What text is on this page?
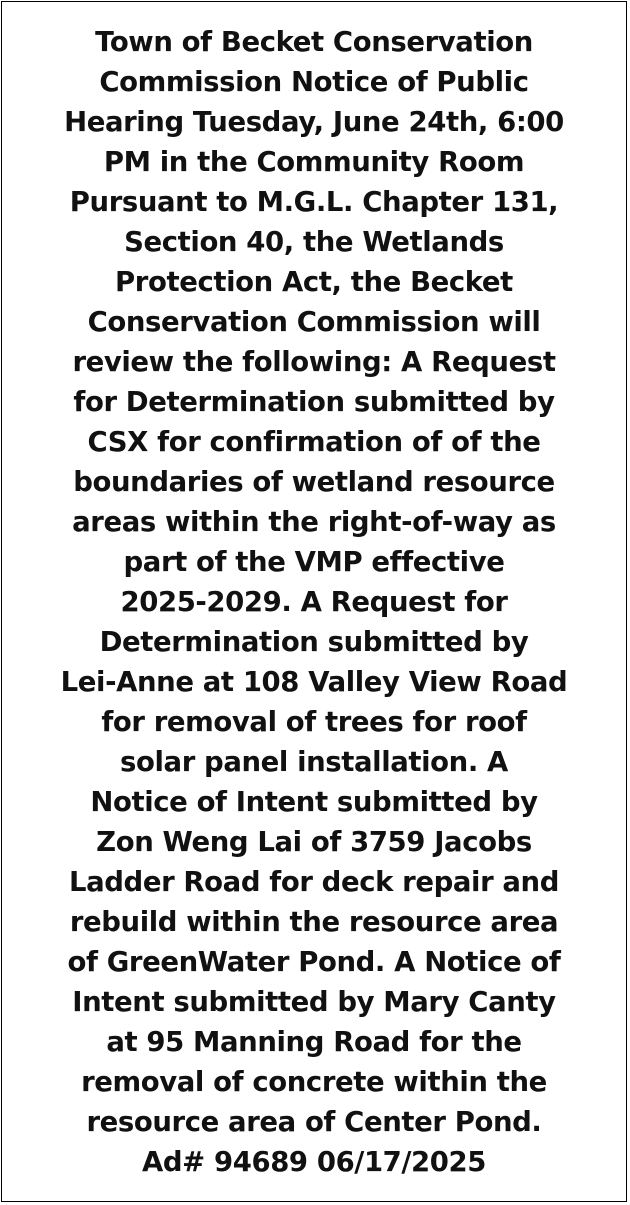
Town of Becket Conservation
Commission Notice of Public
Hearing Tuesday, June 24th, 6:00
PM in the Community Room
Pursuant to M.G.L. Chapter 131,
Section 40, the Wetlands
Protection Act, the Becket
Conservation Commission will
review the following: A Request
for Determination submitted by
CSX for confirmation of of the
boundaries of wetland resource
areas within the right-of-way as
part of the VMP effective
2025-2029. A Request for
Determination submitted by
Lei-Anne at 108 Valley View Road
for removal of trees for roof
solar panel installation. A
Notice of Intent submitted by
Zon Weng Lai of 3759 Jacobs
Ladder Road for deck repair and
rebuild within the resource area
of GreenWater Pond. A Notice of
Intent submitted by Mary Canty
at 95 Manning Road for the
removal of concrete within the
resource area of Center Pond.
Ad# 94689 06/17/2025
